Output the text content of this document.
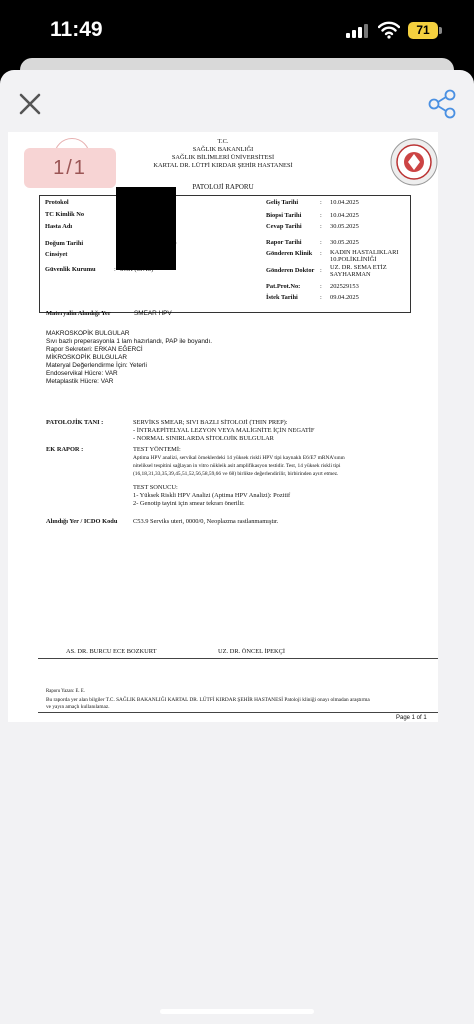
11:49	71
1/1
T.C.
SAĞLIK BAKANLIĞI
SAĞLIK BİLİMLERİ ÜNİVERSİTESİ
KARTAL DR. LÜTFİ KIRDAR ŞEHİR HASTANESİ
PATOLOJİ RAPORU
Protokol
TC Kimlik No
Hasta Adı
Doğum Tarihi
Cinsiyet
Güvenlik Kurumu	:
Geliş Tarihi	: 10.04.2025
Biopsi Tarihi	: 10.04.2025
Cevap Tarihi	: 30.05.2025
Rapor Tarihi	: 30.05.2025
Gönderen Klinik : KADIN HASTALIKLARI
10.POLİKLİNİĞİ
Gönderen Doktor : UZ. DR. SEMA ETİZ
SAYHARMAN
Pat.Prot.No:	: 202529153
İstek Tarihi	: 09.04.2025
Materyalin Alındığı Yer	SMEAR HPV
MAKROSKOPİK BULGULAR
Sıvı bazlı preperasyonla 1 lam hazırlandı, PAP ile boyandı.
Rapor Sekreteri: ERKAN EĞERCİ
MİKROSKOPİK BULGULAR
Materyal Değerlendirme İçin: Yeterli
Endoservikal Hücre: VAR
Metaplastik Hücre: VAR
PATOLOJİK TANI :	SERVİKS SMEAR; SIVI BAZLI SİTOLOJİ (THIN PREP):
- İNTRAEPİTELYAL LEZYON VEYA MALİGNİTE İÇİN NEGATİF
- NORMAL SINIRLARDA SİTOLOJİK BULGULAR
EK RAPOR :	TEST YÖNTEMİ:
Aptima HPV analizi, servikal örneklerdeki 14 yüksek riskli HPV tipi kaynaklı E6/E7 mRNA'sının
niteliksel tespitini sağlayan in vitro nükleik asit amplifikasyon testidir. Test, 14 yüksek riskli tipi
(16,18,31,33,35,39,45,51,52,56,58,59,66 ve 68) birlikte değerlendirilir, birbirinden ayırt etmez.
TEST SONUCU:
1- Yüksek Riskli HPV Analizi (Aptima HPV Analizi): Pozitif
2- Genotip tayini için smear tekrarı önerilir.
Alındığı Yer / ICDO Kodu C53.9 Serviks uteri, 0000/0, Neoplazma rastlanmamıştır.
AS. DR. BURCU ECE BOZKURT	UZ. DR. ÖNCEL İPEKÇİ
Raporu Yazan: E. E.
Bu raporda yer alan bilgiler T.C. SAĞLIK BAKANLIĞI KARTAL DR. LÜTFİ KIRDAR ŞEHİR HASTANESİ Patoloji kliniği onayı olmadan araştırma
ve yayın amaçlı kullanılamaz.
Page 1 of 1
